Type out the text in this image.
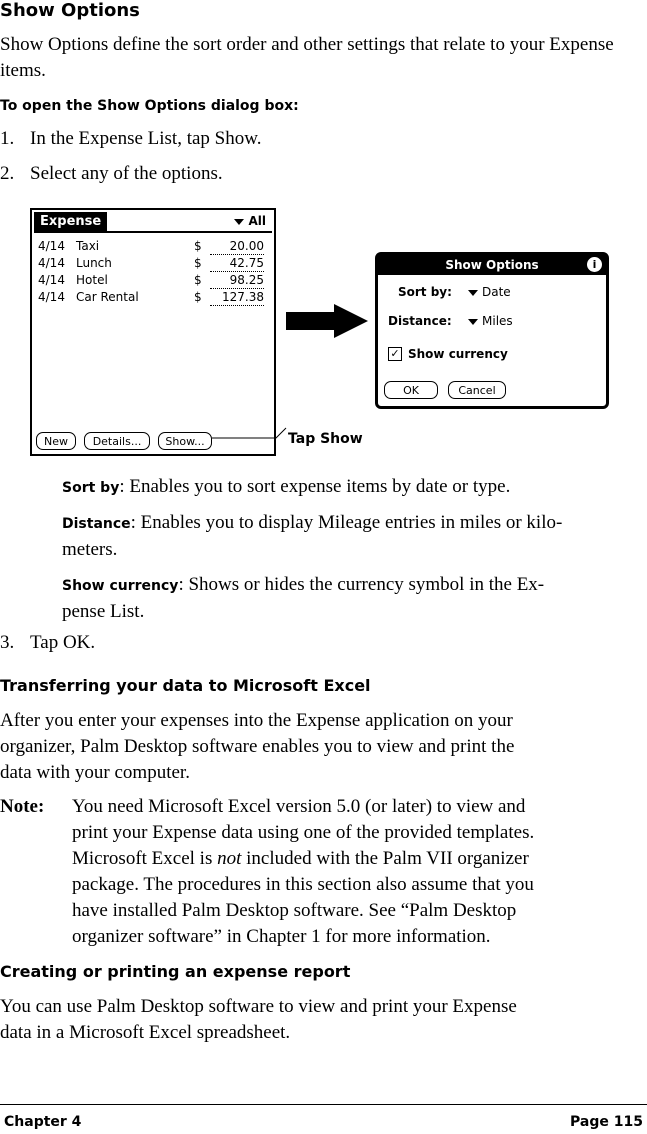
Show Options
Show Options define the sort order and other settings that relate to your Expense items.
To open the Show Options dialog box:
1. In the Expense List, tap Show.
2. Select any of the options.
Expense	All
4/14 Taxi	$	20.00
4/14 Lunch	$	42.75
4/14 Hotel	$	98.25
4/14 Car Rental	$	127.38
New	Details...	Show...	Tap Show
Show Options	i
Sort by:	Date
Distance:	Miles
✓ Show currency
OK	Cancel
Sort by: Enables you to sort expense items by date or type.
Distance: Enables you to display Mileage entries in miles or kilo-
meters.
Show currency: Shows or hides the currency symbol in the Ex-
pense List.
3. Tap OK.
Transferring your data to Microsoft Excel
After you enter your expenses into the Expense application on your
organizer, Palm Desktop software enables you to view and print the
data with your computer.
Note: You need Microsoft Excel version 5.0 (or later) to view and
print your Expense data using one of the provided templates.
Microsoft Excel is not included with the Palm VII organizer
package. The procedures in this section also assume that you
have installed Palm Desktop software. See “Palm Desktop
organizer software” in Chapter 1 for more information.
Creating or printing an expense report
You can use Palm Desktop software to view and print your Expense
data in a Microsoft Excel spreadsheet.
Chapter 4	Page 115
